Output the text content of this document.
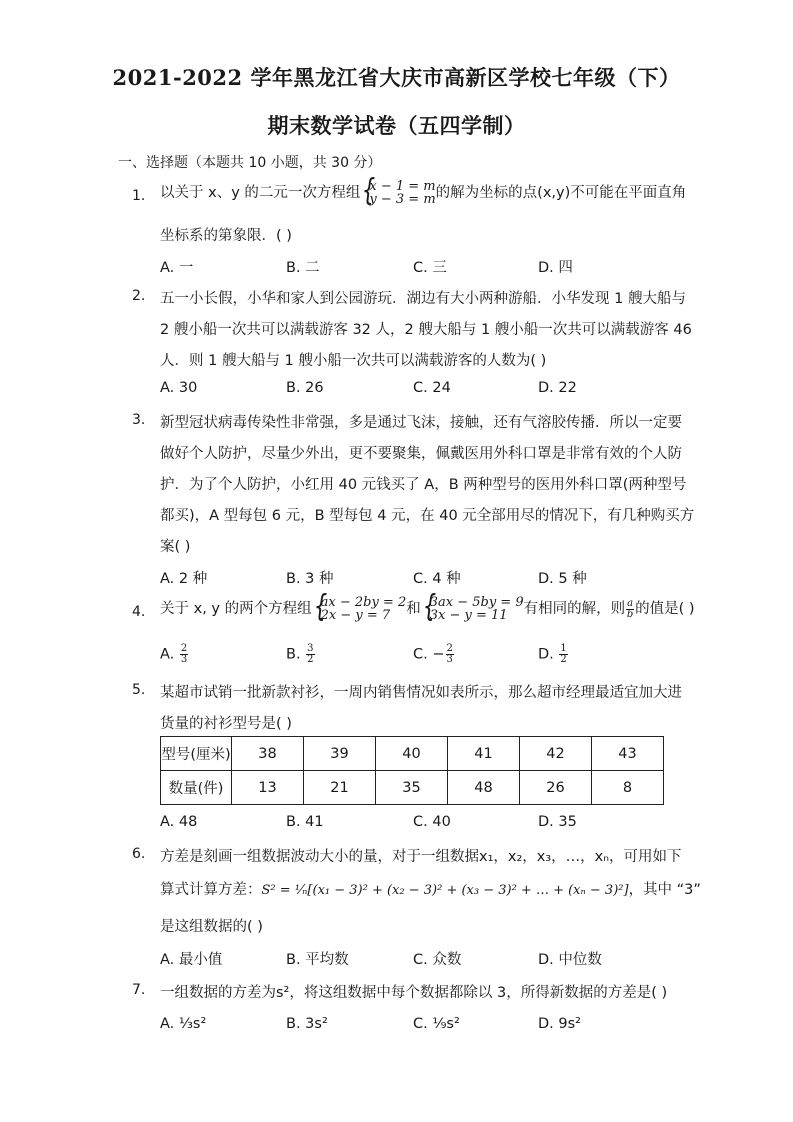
2021-2022 学年黑龙江省大庆市高新区学校七年级（下）
期末数学试卷（五四学制）
一、选择题（本题共 10 小题，共 30 分）
1. 以关于 x、y 的二元一次方程组 { x − 1 = m
y − 3 = m的解为坐标的点(x,y)不可能在平面直角
坐标系的第象限．( )
A. 一	B. 二	C. 三	D. 四
2. 五一小长假，小华和家人到公园游玩．湖边有大小两种游船．小华发现 1 艘大船与
2 艘小船一次共可以满载游客 32 人，2 艘大船与 1 艘小船一次共可以满载游客 46
人．则 1 艘大船与 1 艘小船一次共可以满载游客的人数为( )
A. 30	B. 26	C. 24	D. 22
3. 新型冠状病毒传染性非常强，多是通过飞沫，接触，还有气溶胶传播．所以一定要
做好个人防护，尽量少外出，更不要聚集，佩戴医用外科口罩是非常有效的个人防
护．为了个人防护，小红用 40 元钱买了 A，B 两种型号的医用外科口罩(两种型号
都买)，A 型每包 6 元，B 型每包 4 元，在 40 元全部用尽的情况下，有几种购买方
案( )
A. 2 种	B. 3 种	C. 4 种	D. 5 种
4. 关于 x, y 的两个方程组 { ax − 2by = 2
2x − y = 7 和 { 3ax − 5by = 9
3x − y = 11 有相同的解，则 $\frac{a}{b}$ 的值是( )
A. $\frac{2}{3}$	B. $\frac{3}{2}$	C. − $\frac{2}{3}$	D. $\frac{1}{2}$
5. 某超市试销一批新款衬衫，一周内销售情况如表所示，那么超市经理最适宜加大进
货量的衬衫型号是( )
型号(厘米)	38	39	40	41	42	43
数量(件)	13	21	35	48	26	8
A. 48	B. 41	C. 40	D. 35
6. 方差是刻画一组数据波动大小的量，对于一组数据x₁，x₂，x₃，…，xₙ，可用如下
算式计算方差：S² = ¹⁄ₙ[(x₁ − 3)² + (x₂ − 3)² + (x₃ − 3)² + … + (xₙ − 3)²]，其中 “3”
是这组数据的( )
A. 最小值	B. 平均数	C. 众数	D. 中位数
7. 一组数据的方差为s²，将这组数据中每个数据都除以 3，所得新数据的方差是( )
A. ⅓s²	B. 3s²	C. ⅑s²	D. 9s²
